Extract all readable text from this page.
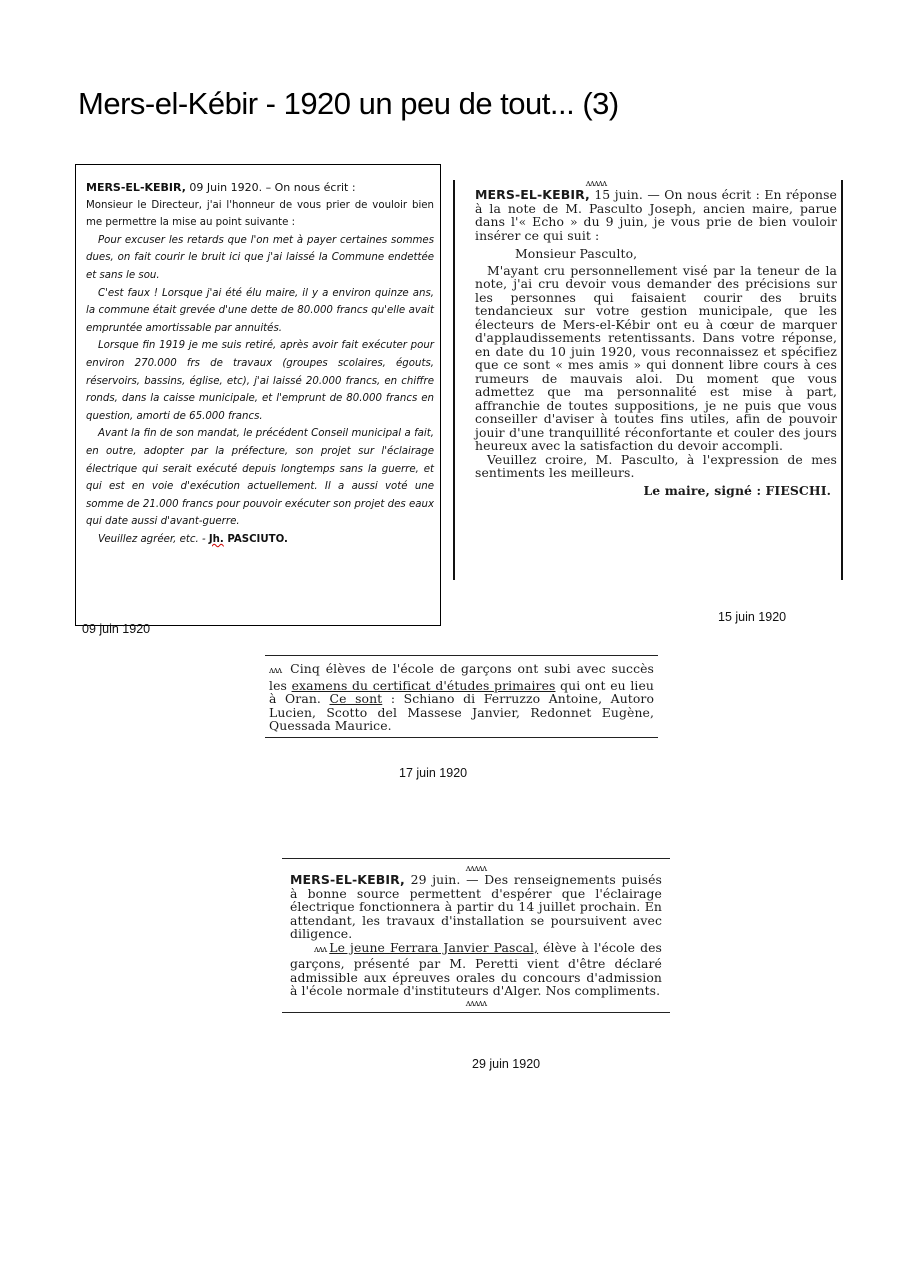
Mers-el-Kébir - 1920 un peu de tout... (3)

MERS-EL-KEBIR, 09 Juin 1920. – On nous écrit :

Monsieur le Directeur, j'ai l'honneur de vous prier de vouloir bien me permettre la mise au point suivante :

Pour excuser les retards que l'on met à payer certaines sommes dues, on fait courir le bruit ici que j'ai laissé la Commune endettée et sans le sou.

C'est faux ! Lorsque j'ai été élu maire, il y a environ quinze ans, la commune était grevée d'une dette de 80.000 francs qu'elle avait empruntée amortissable par annuités.

Lorsque fin 1919 je me suis retiré, après avoir fait exécuter pour environ 270.000 frs de travaux (groupes scolaires, égouts, réservoirs, bassins, église, etc), j'ai laissé 20.000 francs, en chiffre ronds, dans la caisse municipale, et l'emprunt de 80.000 francs en question, amorti de 65.000 francs.

Avant la fin de son mandat, le précédent Conseil municipal a fait, en outre, adopter par la préfecture, son projet sur l'éclairage électrique qui serait exécuté depuis longtemps sans la guerre, et qui est en voie d'exécution actuellement. Il a aussi voté une somme de 21.000 francs pour pouvoir exécuter son projet des eaux qui date aussi d'avant-guerre.

Veuillez agréer, etc. - Jh. PASCIUTO.

09 juin 1920
15 juin 1920
17 juin 1920
29 juin 1920
ᴧᴧᴧᴧᴧ

MERS-EL-KEBIR, 15 juin. — On nous écrit : En réponse à la note de M. Pasculto Joseph, ancien maire, parue dans l'« Echo » du 9 juin, je vous prie de bien vouloir insérer ce qui suit :

Monsieur Pasculto,

M'ayant cru personnellement visé par la teneur de la note, j'ai cru devoir vous demander des précisions sur les personnes qui faisaient courir des bruits tendancieux sur votre gestion municipale, que les électeurs de Mers-el-Kébir ont eu à cœur de marquer d'applaudissements retentissants. Dans votre réponse, en date du 10 juin 1920, vous reconnaissez et spécifiez que ce sont « mes amis » qui donnent libre cours à ces rumeurs de mauvais aloi. Du moment que vous admettez que ma personnalité est mise à part, affranchie de toutes suppositions, je ne puis que vous conseiller d'aviser à toutes fins utiles, afin de pouvoir jouir d'une tranquillité réconfortante et couler des jours heureux avec la satisfaction du devoir accompli.

Veuillez croire, M. Pasculto, à l'expression de mes sentiments les meilleurs.

Le maire, signé : FIESCHI.

ᴧᴧᴧ Cinq élèves de l'école de garçons ont subi avec succès les examens du certificat d'études primaires qui ont eu lieu à Oran. Ce sont : Schiano di Ferruzzo Antoine, Autoro Lucien, Scotto del Massese Janvier, Redonnet Eugène, Quessada Maurice.

ᴧᴧᴧᴧᴧ

MERS-EL-KEBIR, 29 juin. — Des renseignements puisés à bonne source permettent d'espérer que l'éclairage électrique fonctionnera à partir du 14 juillet prochain. En attendant, les travaux d'installation se poursuivent avec diligence.

ᴧᴧᴧ Le jeune Ferrara Janvier Pascal, élève à l'école des garçons, présenté par M. Peretti vient d'être déclaré admissible aux épreuves orales du concours d'admission à l'école normale d'instituteurs d'Alger. Nos compliments.

ᴧᴧᴧᴧᴧ
